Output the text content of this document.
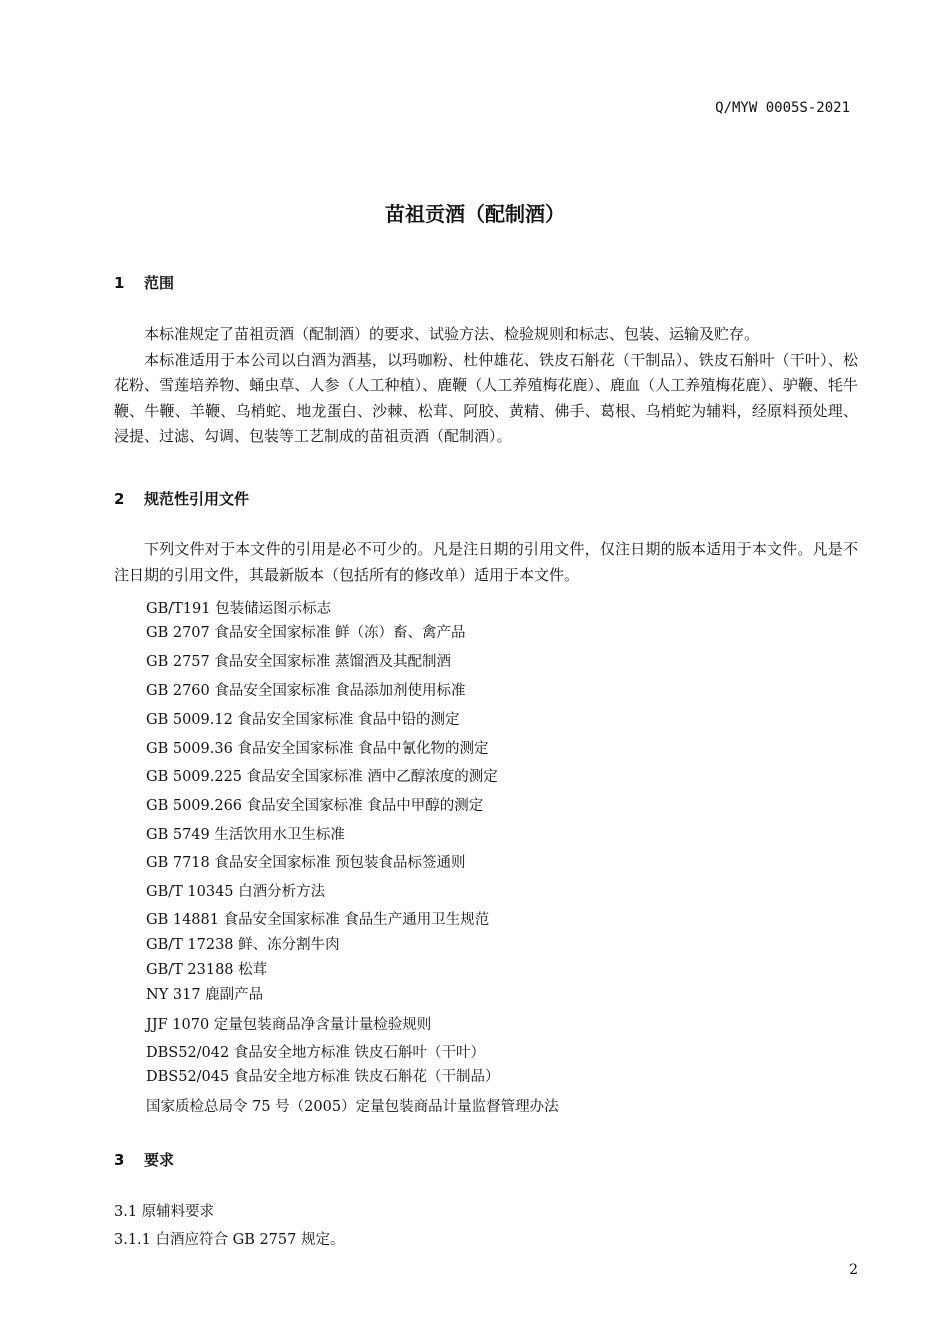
Q/MYW 0005S-2021
苗祖贡酒（配制酒）
1 范围

本标准规定了苗祖贡酒（配制酒）的要求、试验方法、检验规则和标志、包装、运输及贮存。

本标准适用于本公司以白酒为酒基，以玛咖粉、杜仲雄花、铁皮石斛花（干制品）、铁皮石斛叶（干叶）、松花粉、雪莲培养物、蛹虫草、人参（人工种植）、鹿鞭（人工养殖梅花鹿）、鹿血（人工养殖梅花鹿）、驴鞭、牦牛鞭、牛鞭、羊鞭、乌梢蛇、地龙蛋白、沙棘、松茸、阿胶、黄精、佛手、葛根、乌梢蛇为辅料，经原料预处理、浸提、过滤、勾调、包装等工艺制成的苗祖贡酒（配制酒）。

2 规范性引用文件

下列文件对于本文件的引用是必不可少的。凡是注日期的引用文件，仅注日期的版本适用于本文件。凡是不注日期的引用文件，其最新版本（包括所有的修改单）适用于本文件。

GB/T191 包装储运图示标志
GB 2707 食品安全国家标准 鲜（冻）畜、禽产品
GB 2757 食品安全国家标准 蒸馏酒及其配制酒
GB 2760 食品安全国家标准 食品添加剂使用标准
GB 5009.12 食品安全国家标准 食品中铅的测定
GB 5009.36 食品安全国家标准 食品中氰化物的测定
GB 5009.225 食品安全国家标准 酒中乙醇浓度的测定
GB 5009.266 食品安全国家标准 食品中甲醇的测定
GB 5749 生活饮用水卫生标准
GB 7718 食品安全国家标准 预包装食品标签通则
GB/T 10345 白酒分析方法
GB 14881 食品安全国家标准 食品生产通用卫生规范
GB/T 17238 鲜、冻分割牛肉
GB/T 23188 松茸
NY 317 鹿副产品
JJF 1070 定量包装商品净含量计量检验规则
DBS52/042 食品安全地方标准 铁皮石斛叶（干叶）
DBS52/045 食品安全地方标准 铁皮石斛花（干制品）
国家质检总局令 75 号（2005）定量包装商品计量监督管理办法
3 要求
3.1 原辅料要求
3.1.1 白酒应符合 GB 2757 规定。
2
